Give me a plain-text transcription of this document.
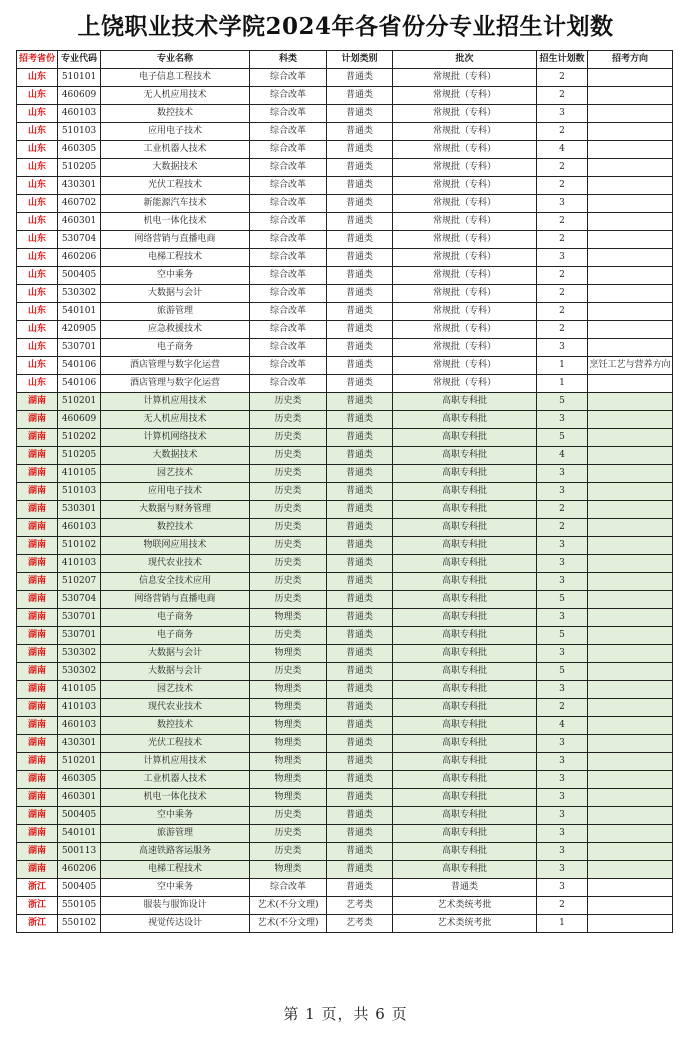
上饶职业技术学院2024年各省份分专业招生计划数
招考省份	专业代码	专业名称	科类	计划类别	批次	招生计划数	招考方向
山东	510101	电子信息工程技术	综合改革	普通类	常规批（专科）	2	
山东	460609	无人机应用技术	综合改革	普通类	常规批（专科）	2	
山东	460103	数控技术	综合改革	普通类	常规批（专科）	3	
山东	510103	应用电子技术	综合改革	普通类	常规批（专科）	2	
山东	460305	工业机器人技术	综合改革	普通类	常规批（专科）	4	
山东	510205	大数据技术	综合改革	普通类	常规批（专科）	2	
山东	430301	光伏工程技术	综合改革	普通类	常规批（专科）	2	
山东	460702	新能源汽车技术	综合改革	普通类	常规批（专科）	3	
山东	460301	机电一体化技术	综合改革	普通类	常规批（专科）	2	
山东	530704	网络营销与直播电商	综合改革	普通类	常规批（专科）	2	
山东	460206	电梯工程技术	综合改革	普通类	常规批（专科）	3	
山东	500405	空中乘务	综合改革	普通类	常规批（专科）	2	
山东	530302	大数据与会计	综合改革	普通类	常规批（专科）	2	
山东	540101	旅游管理	综合改革	普通类	常规批（专科）	2	
山东	420905	应急救援技术	综合改革	普通类	常规批（专科）	2	
山东	530701	电子商务	综合改革	普通类	常规批（专科）	3	
山东	540106	酒店管理与数字化运营	综合改革	普通类	常规批（专科）	1	烹饪工艺与营养方向
山东	540106	酒店管理与数字化运营	综合改革	普通类	常规批（专科）	1	
湖南	510201	计算机应用技术	历史类	普通类	高职专科批	5	
湖南	460609	无人机应用技术	历史类	普通类	高职专科批	3	
湖南	510202	计算机网络技术	历史类	普通类	高职专科批	5	
湖南	510205	大数据技术	历史类	普通类	高职专科批	4	
湖南	410105	园艺技术	历史类	普通类	高职专科批	3	
湖南	510103	应用电子技术	历史类	普通类	高职专科批	3	
湖南	530301	大数据与财务管理	历史类	普通类	高职专科批	2	
湖南	460103	数控技术	历史类	普通类	高职专科批	2	
湖南	510102	物联网应用技术	历史类	普通类	高职专科批	3	
湖南	410103	现代农业技术	历史类	普通类	高职专科批	3	
湖南	510207	信息安全技术应用	历史类	普通类	高职专科批	3	
湖南	530704	网络营销与直播电商	历史类	普通类	高职专科批	5	
湖南	530701	电子商务	物理类	普通类	高职专科批	3	
湖南	530701	电子商务	历史类	普通类	高职专科批	5	
湖南	530302	大数据与会计	物理类	普通类	高职专科批	3	
湖南	530302	大数据与会计	历史类	普通类	高职专科批	5	
湖南	410105	园艺技术	物理类	普通类	高职专科批	3	
湖南	410103	现代农业技术	物理类	普通类	高职专科批	2	
湖南	460103	数控技术	物理类	普通类	高职专科批	4	
湖南	430301	光伏工程技术	物理类	普通类	高职专科批	3	
湖南	510201	计算机应用技术	物理类	普通类	高职专科批	3	
湖南	460305	工业机器人技术	物理类	普通类	高职专科批	3	
湖南	460301	机电一体化技术	物理类	普通类	高职专科批	3	
湖南	500405	空中乘务	历史类	普通类	高职专科批	3	
湖南	540101	旅游管理	历史类	普通类	高职专科批	3	
湖南	500113	高速铁路客运服务	历史类	普通类	高职专科批	3	
湖南	460206	电梯工程技术	物理类	普通类	高职专科批	3	
浙江	500405	空中乘务	综合改革	普通类	普通类	3	
浙江	550105	服装与服饰设计	艺术(不分文理)	艺考类	艺术类统考批	2	
浙江	550102	视觉传达设计	艺术(不分文理)	艺考类	艺术类统考批	1	
第 1 页，共 6 页
